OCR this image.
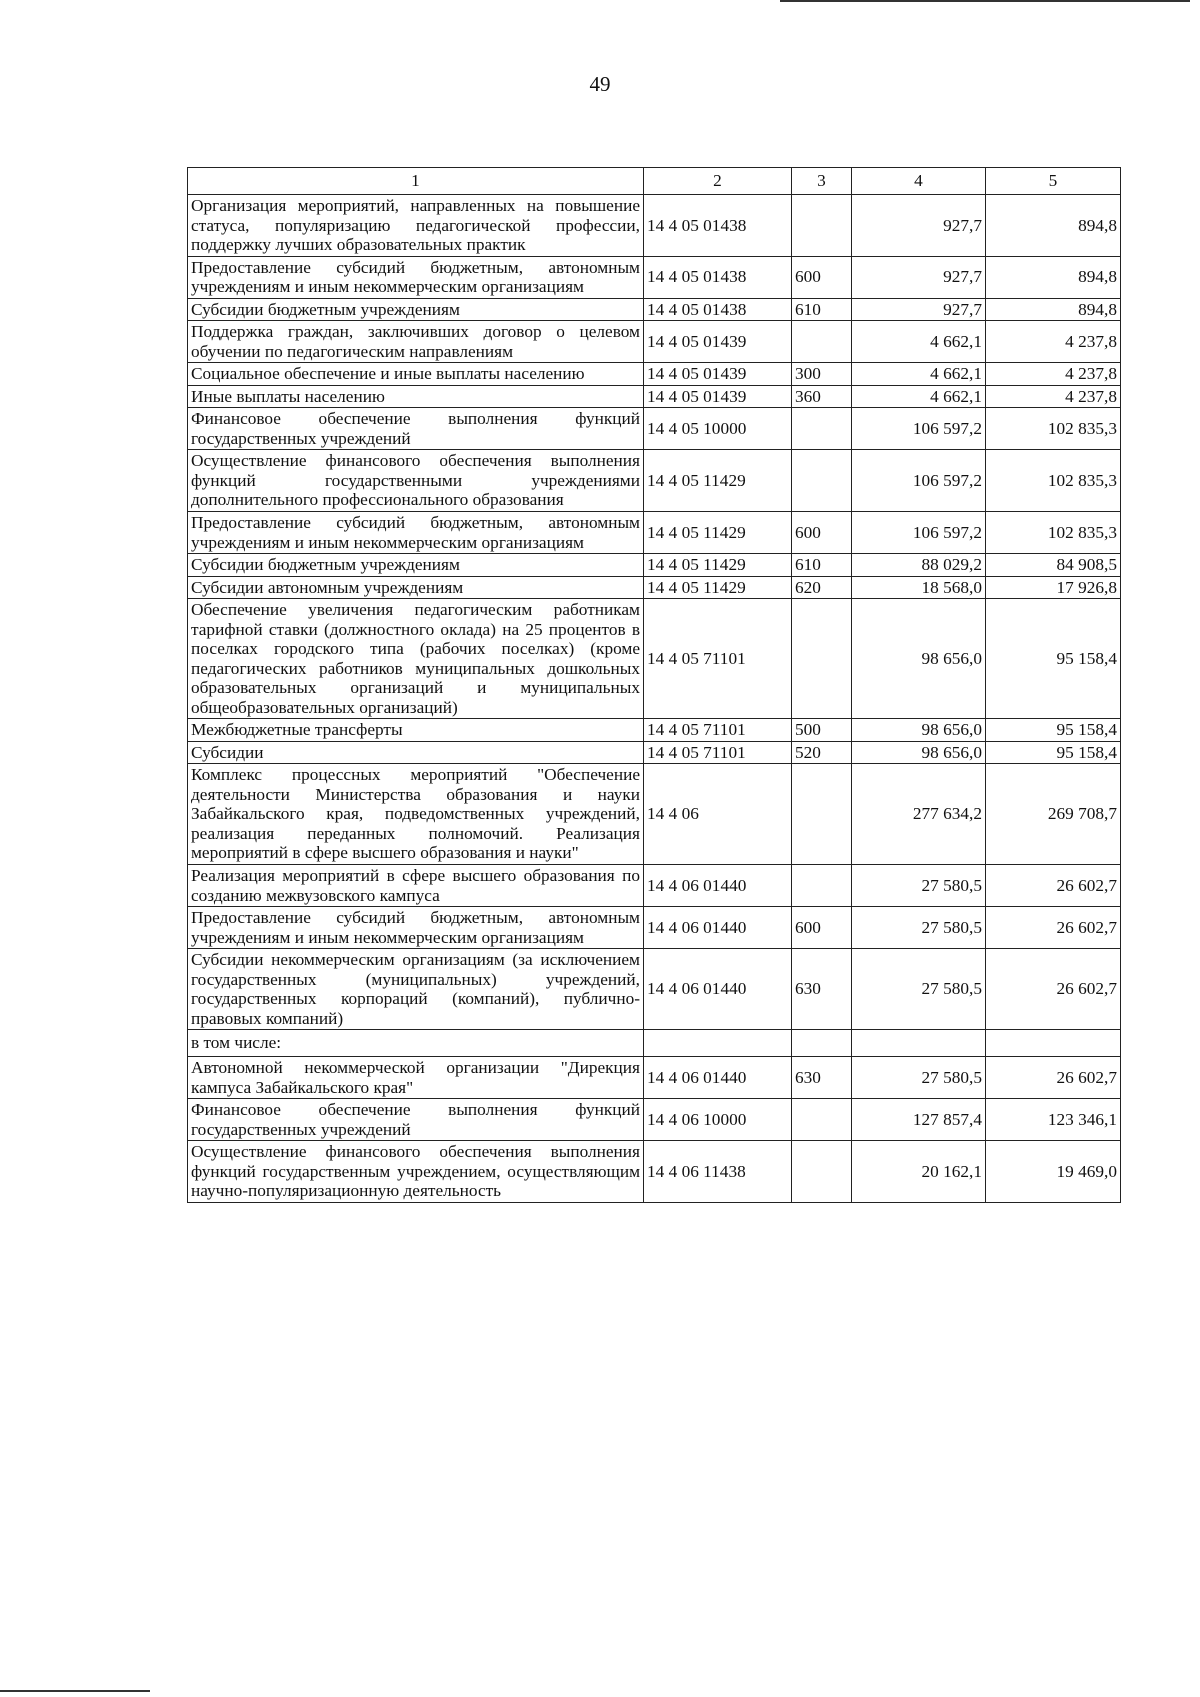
49
1	2	3	4	5
Организация мероприятий, направленных на повышение статуса, популяризацию педагогической профессии, поддержку лучших образовательных практик	14 4 05 01438		927,7	894,8
Предоставление субсидий бюджетным, автономным учреждениям и иным некоммерческим организациям	14 4 05 01438	600	927,7	894,8
Субсидии бюджетным учреждениям	14 4 05 01438	610	927,7	894,8
Поддержка граждан, заключивших договор о целевом обучении по педагогическим направлениям	14 4 05 01439		4 662,1	4 237,8
Социальное обеспечение и иные выплаты населению	14 4 05 01439	300	4 662,1	4 237,8
Иные выплаты населению	14 4 05 01439	360	4 662,1	4 237,8
Финансовое обеспечение выполнения функций государственных учреждений	14 4 05 10000		106 597,2	102 835,3
Осуществление финансового обеспечения выполнения функций государственными учреждениями дополнительного профессионального образования	14 4 05 11429		106 597,2	102 835,3
Предоставление субсидий бюджетным, автономным учреждениям и иным некоммерческим организациям	14 4 05 11429	600	106 597,2	102 835,3
Субсидии бюджетным учреждениям	14 4 05 11429	610	88 029,2	84 908,5
Субсидии автономным учреждениям	14 4 05 11429	620	18 568,0	17 926,8
Обеспечение увеличения педагогическим работникам тарифной ставки (должностного оклада) на 25 процентов в поселках городского типа (рабочих поселках) (кроме педагогических работников муниципальных дошкольных образовательных организаций и муниципальных общеобразовательных организаций)	14 4 05 71101		98 656,0	95 158,4
Межбюджетные трансферты	14 4 05 71101	500	98 656,0	95 158,4
Субсидии	14 4 05 71101	520	98 656,0	95 158,4
Комплекс процессных мероприятий "Обеспечение деятельности Министерства образования и науки Забайкальского края, подведомственных учреждений, реализация переданных полномочий. Реализация мероприятий в сфере высшего образования и науки"	14 4 06		277 634,2	269 708,7
Реализация мероприятий в сфере высшего образования по созданию межвузовского кампуса	14 4 06 01440		27 580,5	26 602,7
Предоставление субсидий бюджетным, автономным учреждениям и иным некоммерческим организациям	14 4 06 01440	600	27 580,5	26 602,7
Субсидии некоммерческим организациям (за исключением государственных (муниципальных) учреждений, государственных корпораций (компаний), публично-правовых компаний)	14 4 06 01440	630	27 580,5	26 602,7
в том числе:				
Автономной некоммерческой организации "Дирекция кампуса Забайкальского края"	14 4 06 01440	630	27 580,5	26 602,7
Финансовое обеспечение выполнения функций государственных учреждений	14 4 06 10000		127 857,4	123 346,1
Осуществление финансового обеспечения выполнения функций государственным учреждением, осуществляющим научно-популяризационную деятельность	14 4 06 11438		20 162,1	19 469,0
